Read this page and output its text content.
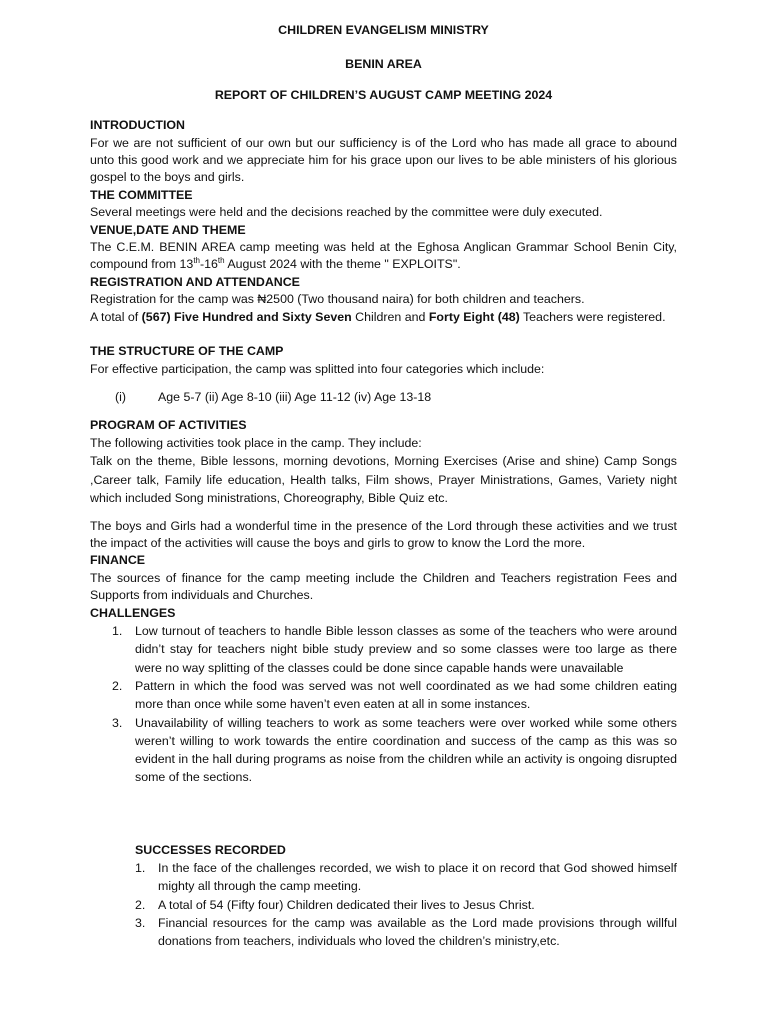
CHILDREN EVANGELISM MINISTRY

BENIN AREA

REPORT OF CHILDREN’S AUGUST CAMP MEETING 2024

INTRODUCTION

For we are not sufficient of our own but our sufficiency is of the Lord who has made all grace to abound unto this good work and we appreciate him for his grace upon our lives to be able ministers of his glorious gospel to the boys and girls.

THE COMMITTEE

Several meetings were held and the decisions reached by the committee were duly executed.

VENUE,DATE AND THEME

The C.E.M. BENIN AREA camp meeting was held at the Eghosa Anglican Grammar School Benin City, compound from 13th-16th August 2024 with the theme " EXPLOITS".

REGISTRATION AND ATTENDANCE

Registration for the camp was ₦2500 (Two thousand naira) for both children and teachers.

A total of (567) Five Hundred and Sixty Seven Children and Forty Eight (48) Teachers were registered.

THE STRUCTURE OF THE CAMP

For effective participation, the camp was splitted into four categories which include:

(i)	Age 5-7 (ii) Age 8-10 (iii) Age 11-12 (iv) Age 13-18

PROGRAM OF ACTIVITIES

The following activities took place in the camp. They include:

Talk on the theme, Bible lessons, morning devotions, Morning Exercises (Arise and shine) Camp Songs ,Career talk, Family life education, Health talks, Film shows, Prayer Ministrations, Games, Variety night which included Song ministrations, Choreography, Bible Quiz etc.

The boys and Girls had a wonderful time in the presence of the Lord through these activities and we trust the impact of the activities will cause the boys and girls to grow to know the Lord the more.

FINANCE

The sources of finance for the camp meeting include the Children and Teachers registration Fees and Supports from individuals and Churches.

CHALLENGES

1. Low turnout of teachers to handle Bible lesson classes as some of the teachers who were around didn’t stay for teachers night bible study preview and so some classes were too large as there were no way splitting of the classes could be done since capable hands were unavailable
2. Pattern in which the food was served was not well coordinated as we had some children eating more than once while some haven’t even eaten at all in some instances.
3. Unavailability of willing teachers to work as some teachers were over worked while some others weren’t willing to work towards the entire coordination and success of the camp as this was so evident in the hall during programs as noise from the children while an activity is ongoing disrupted some of the sections.

SUCCESSES RECORDED

1. In the face of the challenges recorded, we wish to place it on record that God showed himself mighty all through the camp meeting.
2. A total of 54 (Fifty four) Children dedicated their lives to Jesus Christ.
3. Financial resources for the camp was available as the Lord made provisions through willful donations from teachers, individuals who loved the children’s ministry,etc.
